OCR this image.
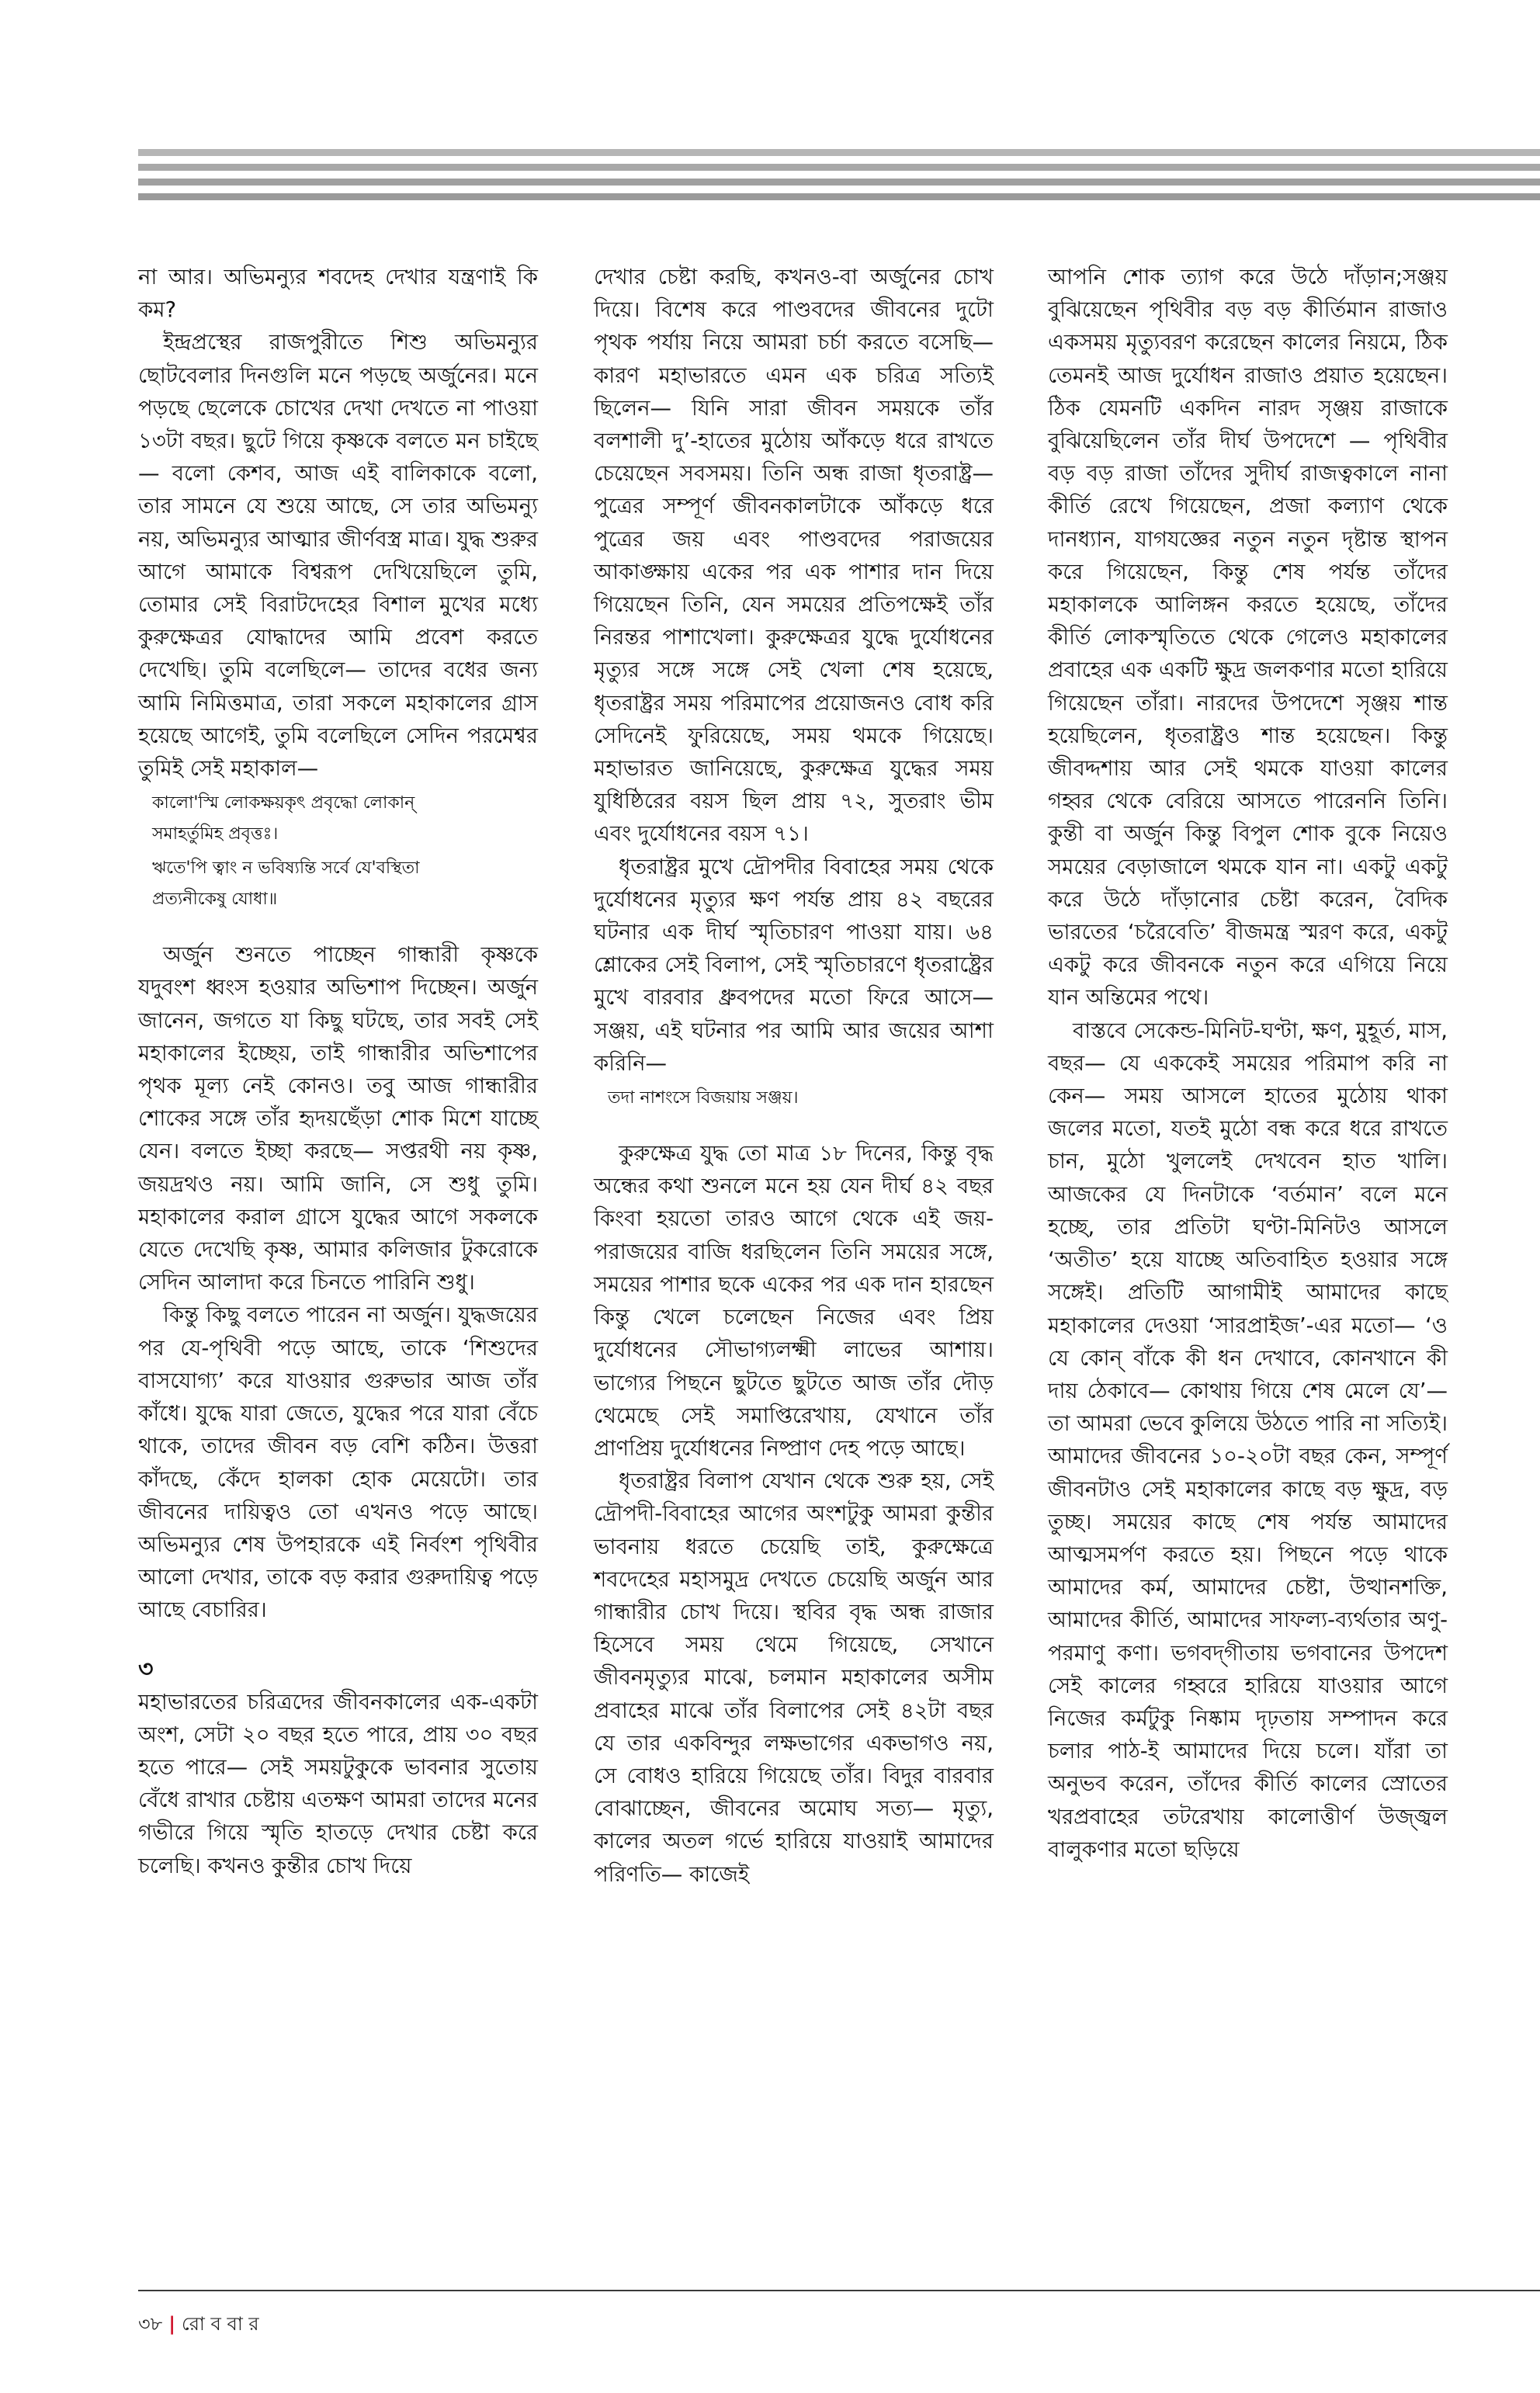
না আর। অভিমন্যুর শবদেহ দেখার যন্ত্রণাই কি কম?

ইন্দ্রপ্রস্থের রাজপুরীতে শিশু অভিমন্যুর ছোটবেলার দিনগুলি মনে পড়ছে অর্জুনের। মনে পড়ছে ছেলেকে চোখের দেখা দেখতে না পাওয়া ১৩টা বছর। ছুটে গিয়ে কৃষ্ণকে বলতে মন চাইছে— বলো কেশব, আজ এই বালিকাকে বলো, তার সামনে যে শুয়ে আছে, সে তার অভিমন্যু নয়, অভিমন্যুর আত্মার জীর্ণবস্ত্র মাত্র। যুদ্ধ শুরুর আগে আমাকে বিশ্বরূপ দেখিয়েছিলে তুমি, তোমার সেই বিরাটদেহের বিশাল মুখের মধ্যে কুরুক্ষেত্রর যোদ্ধাদের আমি প্রবেশ করতে দেখেছি। তুমি বলেছিলে— তাদের বধের জন্য আমি নিমিত্তমাত্র, তারা সকলে মহাকালের গ্রাস হয়েছে আগেই, তুমি বলেছিলে সেদিন পরমেশ্বর তুমিই সেই মহাকাল—

কালো'স্মি লোকক্ষয়কৃৎ প্রবৃদ্ধো লোকান্
সমাহর্তুমিহ প্রবৃত্তঃ।
ঋতে'পি ত্বাং ন ভবিষ্যন্তি সর্বে যে'বস্থিতা
প্রত্যনীকেষু যোধা॥

অর্জুন শুনতে পাচ্ছেন গান্ধারী কৃষ্ণকে যদুবংশ ধ্বংস হওয়ার অভিশাপ দিচ্ছেন। অর্জুন জানেন, জগতে যা কিছু ঘটছে, তার সবই সেই মহাকালের ইচ্ছেয়, তাই গান্ধারীর অভিশাপের পৃথক মূল্য নেই কোনও। তবু আজ গান্ধারীর শোকের সঙ্গে তাঁর হৃদয়ছেঁড়া শোক মিশে যাচ্ছে যেন। বলতে ইচ্ছা করছে— সপ্তরথী নয় কৃষ্ণ, জয়দ্রথও নয়। আমি জানি, সে শুধু তুমি। মহাকালের করাল গ্রাসে যুদ্ধের আগে সকলকে যেতে দেখেছি কৃষ্ণ, আমার কলিজার টুকরোকে সেদিন আলাদা করে চিনতে পারিনি শুধু।

কিন্তু কিছু বলতে পারেন না অর্জুন। যুদ্ধজয়ের পর যে-পৃথিবী পড়ে আছে, তাকে ‘শিশুদের বাসযোগ্য’ করে যাওয়ার গুরুভার আজ তাঁর কাঁধে। যুদ্ধে যারা জেতে, যুদ্ধের পরে যারা বেঁচে থাকে, তাদের জীবন বড় বেশি কঠিন। উত্তরা কাঁদছে, কেঁদে হালকা হোক মেয়েটো। তার জীবনের দায়িত্বও তো এখনও পড়ে আছে। অভিমন্যুর শেষ উপহারকে এই নির্বংশ পৃথিবীর আলো দেখার, তাকে বড় করার গুরুদায়িত্ব পড়ে আছে বেচারির।

৩

মহাভারতের চরিত্রদের জীবনকালের এক-একটা অংশ, সেটা ২০ বছর হতে পারে, প্রায় ৩০ বছর হতে পারে— সেই সময়টুকুকে ভাবনার সুতোয় বেঁধে রাখার চেষ্টায় এতক্ষণ আমরা তাদের মনের গভীরে গিয়ে স্মৃতি হাতড়ে দেখার চেষ্টা করে চলেছি। কখনও কুন্তীর চোখ দিয়ে

দেখার চেষ্টা করছি, কখনও-বা অর্জুনের চোখ দিয়ে। বিশেষ করে পাণ্ডবদের জীবনের দুটো পৃথক পর্যায় নিয়ে আমরা চর্চা করতে বসেছি— কারণ মহাভারতে এমন এক চরিত্র সত্যিই ছিলেন— যিনি সারা জীবন সময়কে তাঁর বলশালী দু’-হাতের মুঠোয় আঁকড়ে ধরে রাখতে চেয়েছেন সবসময়। তিনি অন্ধ রাজা ধৃতরাষ্ট্র— পুত্রের সম্পূর্ণ জীবনকালটাকে আঁকড়ে ধরে পুত্রের জয় এবং পাণ্ডবদের পরাজয়ের আকাঙ্ক্ষায় একের পর এক পাশার দান দিয়ে গিয়েছেন তিনি, যেন সময়ের প্রতিপক্ষেই তাঁর নিরন্তর পাশাখেলা। কুরুক্ষেত্রর যুদ্ধে দুর্যোধনের মৃত্যুর সঙ্গে সঙ্গে সেই খেলা শেষ হয়েছে, ধৃতরাষ্ট্রর সময় পরিমাপের প্রয়োজনও বোধ করি সেদিনেই ফুরিয়েছে, সময় থমকে গিয়েছে। মহাভারত জানিয়েছে, কুরুক্ষেত্র যুদ্ধের সময় যুধিষ্ঠিরের বয়স ছিল প্রায় ৭২, সুতরাং ভীম এবং দুর্যোধনের বয়স ৭১।

ধৃতরাষ্ট্রর মুখে দ্রৌপদীর বিবাহের সময় থেকে দুর্যোধনের মৃত্যুর ক্ষণ পর্যন্ত প্রায় ৪২ বছরের ঘটনার এক দীর্ঘ স্মৃতিচারণ পাওয়া যায়। ৬৪ শ্লোকের সেই বিলাপ, সেই স্মৃতিচারণে ধৃতরাষ্ট্রের মুখে বারবার ধ্রুবপদের মতো ফিরে আসে— সঞ্জয়, এই ঘটনার পর আমি আর জয়ের আশা করিনি—

তদা নাশংসে বিজয়ায় সঞ্জয়।

কুরুক্ষেত্র যুদ্ধ তো মাত্র ১৮ দিনের, কিন্তু বৃদ্ধ অন্ধের কথা শুনলে মনে হয় যেন দীর্ঘ ৪২ বছর কিংবা হয়তো তারও আগে থেকে এই জয়-পরাজয়ের বাজি ধরছিলেন তিনি সময়ের সঙ্গে, সময়ের পাশার ছকে একের পর এক দান হারছেন কিন্তু খেলে চলেছেন নিজের এবং প্রিয় দুর্যোধনের সৌভাগ্যলক্ষ্মী লাভের আশায়। ভাগ্যের পিছনে ছুটতে ছুটতে আজ তাঁর দৌড় থেমেছে সেই সমাপ্তিরেখায়, যেখানে তাঁর প্রাণপ্রিয় দুর্যোধনের নিষ্প্রাণ দেহ পড়ে আছে।

ধৃতরাষ্ট্রর বিলাপ যেখান থেকে শুরু হয়, সেই দ্রৌপদী-বিবাহের আগের অংশটুকু আমরা কুন্তীর ভাবনায় ধরতে চেয়েছি তাই, কুরুক্ষেত্রে শবদেহের মহাসমুদ্র দেখতে চেয়েছি অর্জুন আর গান্ধারীর চোখ দিয়ে। স্থবির বৃদ্ধ অন্ধ রাজার হিসেবে সময় থেমে গিয়েছে, সেখানে জীবনমৃত্যুর মাঝে, চলমান মহাকালের অসীম প্রবাহের মাঝে তাঁর বিলাপের সেই ৪২টা বছর যে তার একবিন্দুর লক্ষভাগের একভাগও নয়, সে বোধও হারিয়ে গিয়েছে তাঁর। বিদুর বারবার বোঝাচ্ছেন, জীবনের অমোঘ সত্য— মৃত্যু, কালের অতল গর্ভে হারিয়ে যাওয়াই আমাদের পরিণতি— কাজেই

আপনি শোক ত্যাগ করে উঠে দাঁড়ান;সঞ্জয় বুঝিয়েছেন পৃথিবীর বড় বড় কীর্তিমান রাজাও একসময় মৃত্যুবরণ করেছেন কালের নিয়মে, ঠিক তেমনই আজ দুর্যোধন রাজাও প্রয়াত হয়েছেন। ঠিক যেমনটি একদিন নারদ সৃঞ্জয় রাজাকে বুঝিয়েছিলেন তাঁর দীর্ঘ উপদেশে — পৃথিবীর বড় বড় রাজা তাঁদের সুদীর্ঘ রাজত্বকালে নানা কীর্তি রেখে গিয়েছেন, প্রজা কল্যাণ থেকে দানধ্যান, যাগযজ্ঞের নতুন নতুন দৃষ্টান্ত স্থাপন করে গিয়েছেন, কিন্তু শেষ পর্যন্ত তাঁদের মহাকালকে আলিঙ্গন করতে হয়েছে, তাঁদের কীর্তি লোকস্মৃতিতে থেকে গেলেও মহাকালের প্রবাহের এক একটি ক্ষুদ্র জলকণার মতো হারিয়ে গিয়েছেন তাঁরা। নারদের উপদেশে সৃঞ্জয় শান্ত হয়েছিলেন, ধৃতরাষ্ট্রও শান্ত হয়েছেন। কিন্তু জীবদ্দশায় আর সেই থমকে যাওয়া কালের গহ্বর থেকে বেরিয়ে আসতে পারেননি তিনি। কুন্তী বা অর্জুন কিন্তু বিপুল শোক বুকে নিয়েও সময়ের বেড়াজালে থমকে যান না। একটু একটু করে উঠে দাঁড়ানোর চেষ্টা করেন, বৈদিক ভারতের ‘চরৈবেতি’ বীজমন্ত্র স্মরণ করে, একটু একটু করে জীবনকে নতুন করে এগিয়ে নিয়ে যান অন্তিমের পথে।

বাস্তবে সেকেন্ড-মিনিট-ঘণ্টা, ক্ষণ, মুহূর্ত, মাস, বছর— যে এককেই সময়ের পরিমাপ করি না কেন— সময় আসলে হাতের মুঠোয় থাকা জলের মতো, যতই মুঠো বন্ধ করে ধরে রাখতে চান, মুঠো খুললেই দেখবেন হাত খালি। আজকের যে দিনটাকে ‘বর্তমান’ বলে মনে হচ্ছে, তার প্রতিটা ঘণ্টা-মিনিটও আসলে ‘অতীত’ হয়ে যাচ্ছে অতিবাহিত হওয়ার সঙ্গে সঙ্গেই। প্রতিটি আগামীই আমাদের কাছে মহাকালের দেওয়া ‘সারপ্রাইজ’-এর মতো— ‘ও যে কোন্ বাঁকে কী ধন দেখাবে, কোনখানে কী দায় ঠেকাবে— কোথায় গিয়ে শেষ মেলে যে’— তা আমরা ভেবে কুলিয়ে উঠতে পারি না সত্যিই। আমাদের জীবনের ১০-২০টা বছর কেন, সম্পূর্ণ জীবনটাও সেই মহাকালের কাছে বড় ক্ষুদ্র, বড় তুচ্ছ। সময়ের কাছে শেষ পর্যন্ত আমাদের আত্মসমর্পণ করতে হয়। পিছনে পড়ে থাকে আমাদের কর্ম, আমাদের চেষ্টা, উত্থানশক্তি, আমাদের কীর্তি, আমাদের সাফল্য-ব্যর্থতার অণু-পরমাণু কণা। ভগবদ্‌গীতায় ভগবানের উপদেশ সেই কালের গহ্বরে হারিয়ে যাওয়ার আগে নিজের কর্মটুকু নিষ্কাম দৃঢ়তায় সম্পাদন করে চলার পাঠ-ই আমাদের দিয়ে চলে। যাঁরা তা অনুভব করেন, তাঁদের কীর্তি কালের স্রোতের খরপ্রবাহের তটরেখায় কালোত্তীর্ণ উজ্জ্বল বালুকণার মতো ছড়িয়ে

৩৮ | রো ব বা র
